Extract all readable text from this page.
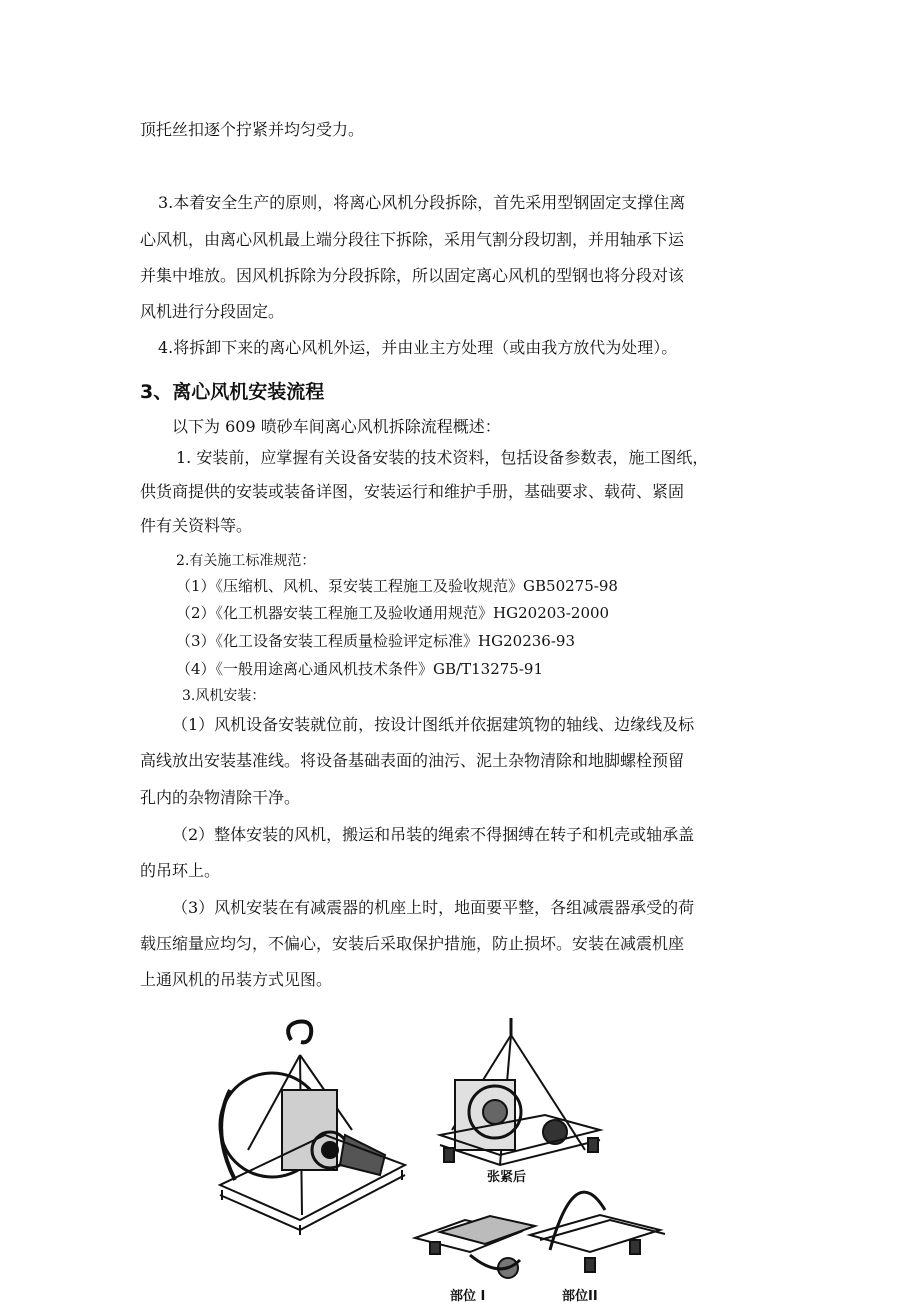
顶托丝扣逐个拧紧并均匀受力。
3.本着安全生产的原则，将离心风机分段拆除，首先采用型钢固定支撑住离
心风机，由离心风机最上端分段往下拆除，采用气割分段切割，并用轴承下运
并集中堆放。因风机拆除为分段拆除，所以固定离心风机的型钢也将分段对该
风机进行分段固定。
4.将拆卸下来的离心风机外运，并由业主方处理（或由我方放代为处理）。
3、离心风机安装流程
以下为 609 喷砂车间离心风机拆除流程概述：
1. 安装前，应掌握有关设备安装的技术资料，包括设备参数表，施工图纸，
供货商提供的安装或装备详图，安装运行和维护手册，基础要求、载荷、紧固
件有关资料等。
2.有关施工标准规范：
（1）《压缩机、风机、泵安装工程施工及验收规范》GB50275-98
（2）《化工机器安装工程施工及验收通用规范》HG20203-2000
（3）《化工设备安装工程质量检验评定标准》HG20236-93
（4）《一般用途离心通风机技术条件》GB/T13275-91
3.风机安装：
（1）风机设备安装就位前，按设计图纸并依据建筑物的轴线、边缘线及标
高线放出安装基准线。将设备基础表面的油污、泥土杂物清除和地脚螺栓预留
孔内的杂物清除干净。
（2）整体安装的风机，搬运和吊装的绳索不得捆缚在转子和机壳或轴承盖
的吊环上。
（3）风机安装在有减震器的机座上时，地面要平整，各组减震器承受的荷
载压缩量应均匀，不偏心，安装后采取保护措施，防止损坏。安装在减震机座
上通风机的吊装方式见图。
张紧后
部位 I	部位II
